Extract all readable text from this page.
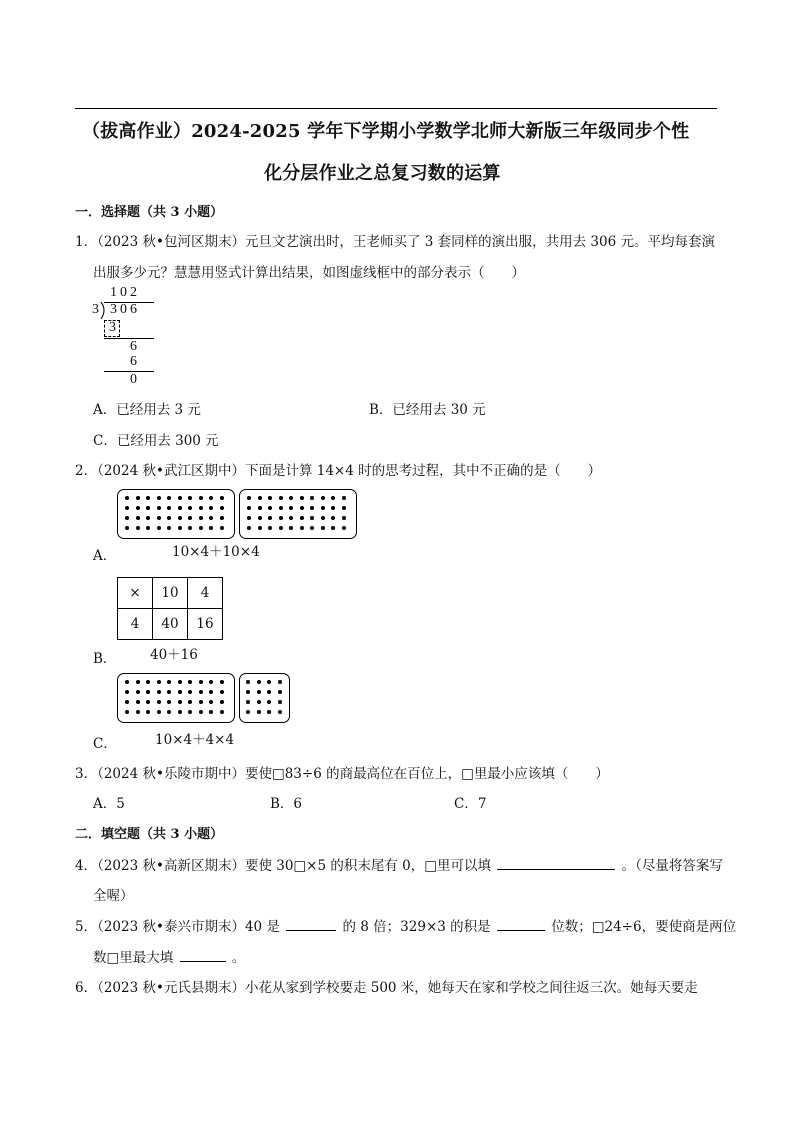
（拔高作业）2024-2025 学年下学期小学数学北师大新版三年级同步个性
化分层作业之总复习数的运算
一．选择题（共 3 小题）
1．（2023 秋•包河区期末）元旦文艺演出时，王老师买了 3 套同样的演出服，共用去 306 元。平均每套演
出服多少元？慧慧用竖式计算出结果，如图虚线框中的部分表示（　　）
102
3 306
3
6
6
0
A．已经用去 3 元	B．已经用去 30 元
C．已经用去 300 元
2．（2024 秋•武江区期中）下面是计算 14×4 时的思考过程，其中不正确的是（　　）
A．	10×4＋10×4
×	10	4
4	40	16
B． 40＋16
C．	10×4＋4×4
3．（2024 秋•乐陵市期中）要使□83÷6 的商最高位在百位上，□里最小应该填（　　）
A．5	B．6	C．7
二．填空题（共 3 小题）
4．（2023 秋•高新区期末）要使 30□×5 的积末尾有 0，□里可以填	。（尽量将答案写
全喔）
5．（2023 秋•泰兴市期末）40 是	的 8 倍；329×3 的积是	位数；□24÷6，要使商是两位
数□里最大填	。
6．（2023 秋•元氏县期末）小花从家到学校要走 500 米，她每天在家和学校之间往返三次。她每天要走
